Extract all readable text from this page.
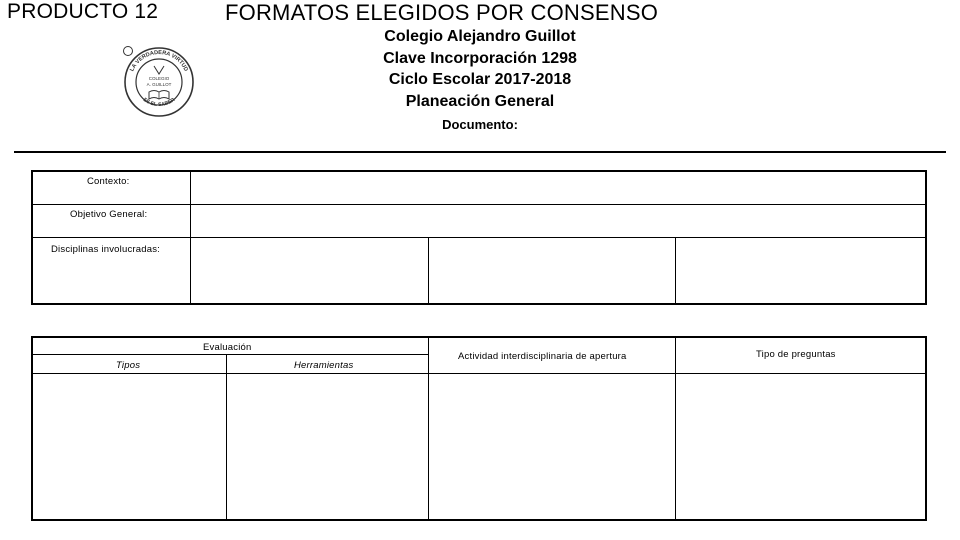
PRODUCTO 12	FORMATOS ELEGIDOS POR CONSENSO
LA VERDADERA VIRTUD
ES EL SABER
COLEGIO
A. GUILLOT
Colegio Alejandro Guillot
Clave Incorporación 1298
Ciclo Escolar 2017-2018
Planeación General
Documento:
Contexto:
Objetivo General:
Disciplinas involucradas:
Evaluación
Tipos	Herramientas
Actividad interdisciplinaria de apertura	Tipo de preguntas
